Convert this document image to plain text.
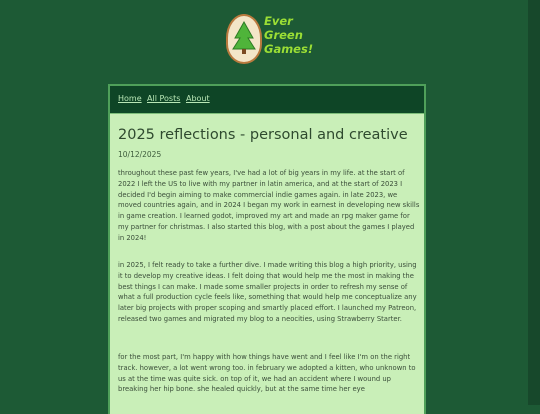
Ever
Green
Games!
Home All Posts About
2025 reflections - personal and creative
10/12/2025
throughout these past few years, I've had a lot of big years in my life. at the start of 2022 I left the US to live with my partner in latin america, and at the start of 2023 I decided I'd begin aiming to make commercial indie games again. in late 2023, we moved countries again, and in 2024 I began my work in earnest in developing new skills in game creation. I learned godot, improved my art and made an rpg maker game for my partner for christmas. I also started this blog, with a post about the games I played in 2024!
in 2025, I felt ready to take a further dive. I made writing this blog a high priority, using it to develop my creative ideas. I felt doing that would help me the most in making the best things I can make. I made some smaller projects in order to refresh my sense of what a full production cycle feels like, something that would help me conceptualize any later big projects with proper scoping and smartly placed effort. I launched my Patreon, released two games and migrated my blog to a neocities, using Strawberry Starter.
for the most part, I'm happy with how things have went and I feel like I'm on the right track. however, a lot went wrong too. in february we adopted a kitten, who unknown to us at the time was quite sick. on top of it, we had an accident where I wound up breaking her hip bone. she healed quickly, but at the same time her eye
